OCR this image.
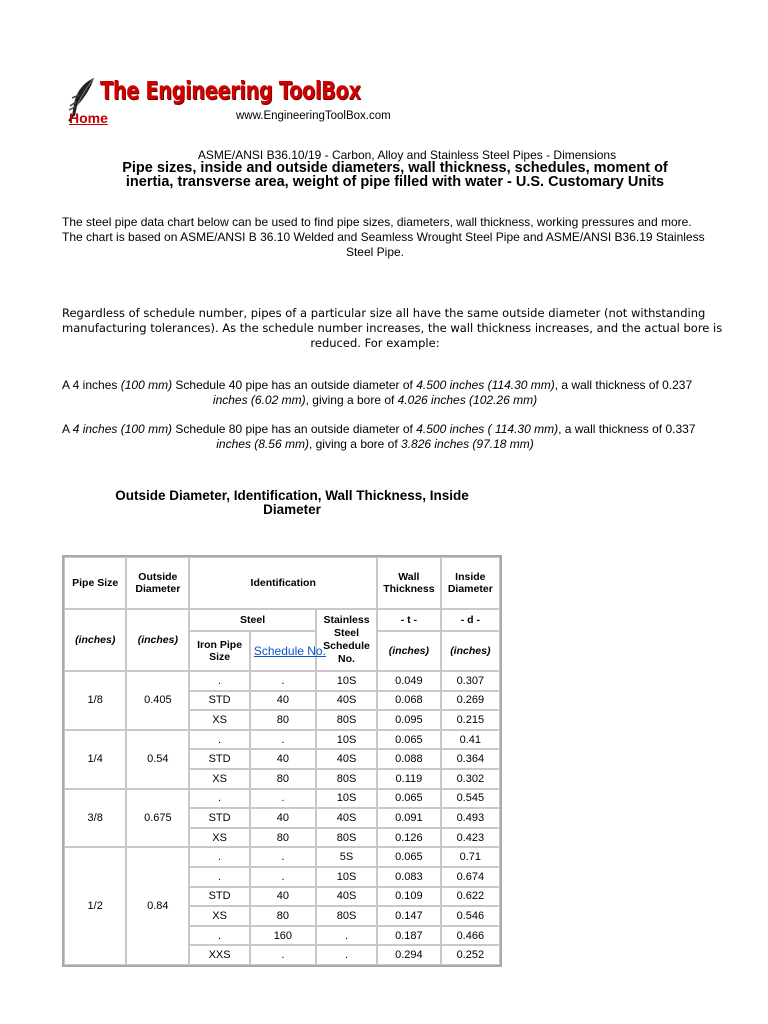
The Engineering ToolBox
Home	www.EngineeringToolBox.com
ASME/ANSI B36.10/19 - Carbon, Alloy and Stainless Steel Pipes - Dimensions
Pipe sizes, inside and outside diameters, wall thickness, schedules, moment of
inertia, transverse area, weight of pipe filled with water - U.S. Customary Units
The steel pipe data chart below can be used to find pipe sizes, diameters, wall thickness, working pressures and more.
The chart is based on ASME/ANSI B 36.10 Welded and Seamless Wrought Steel Pipe and ASME/ANSI B36.19 Stainless
Steel Pipe.
Regardless of schedule number, pipes of a particular size all have the same outside diameter (not withstanding
manufacturing tolerances). As the schedule number increases, the wall thickness increases, and the actual bore is
reduced. For example:
A 4 inches (100 mm) Schedule 40 pipe has an outside diameter of 4.500 inches (114.30 mm), a wall thickness of 0.237
inches (6.02 mm), giving a bore of 4.026 inches (102.26 mm)
A 4 inches (100 mm) Schedule 80 pipe has an outside diameter of 4.500 inches ( 114.30 mm), a wall thickness of 0.337
inches (8.56 mm), giving a bore of 3.826 inches (97.18 mm)
Outside Diameter, Identification, Wall Thickness, Inside
Diameter
Pipe Size	Outside Diameter	Identification			Wall Thickness	Inside Diameter
(inches)	(inches)	Steel		Stainless Steel Schedule No.	- t -	- d -
		Iron Pipe Size	Schedule No.		(inches)	(inches)
1/8	0.405	.	.	10S	0.049	0.307
		STD	40	40S	0.068	0.269
		XS	80	80S	0.095	0.215
1/4	0.54	.	.	10S	0.065	0.41
		STD	40	40S	0.088	0.364
		XS	80	80S	0.119	0.302
3/8	0.675	.	.	10S	0.065	0.545
		STD	40	40S	0.091	0.493
		XS	80	80S	0.126	0.423
1/2	0.84	.	.	5S	0.065	0.71
		.	.	10S	0.083	0.674
		STD	40	40S	0.109	0.622
		XS	80	80S	0.147	0.546
		.	160	.	0.187	0.466
		XXS	.	.	0.294	0.252
